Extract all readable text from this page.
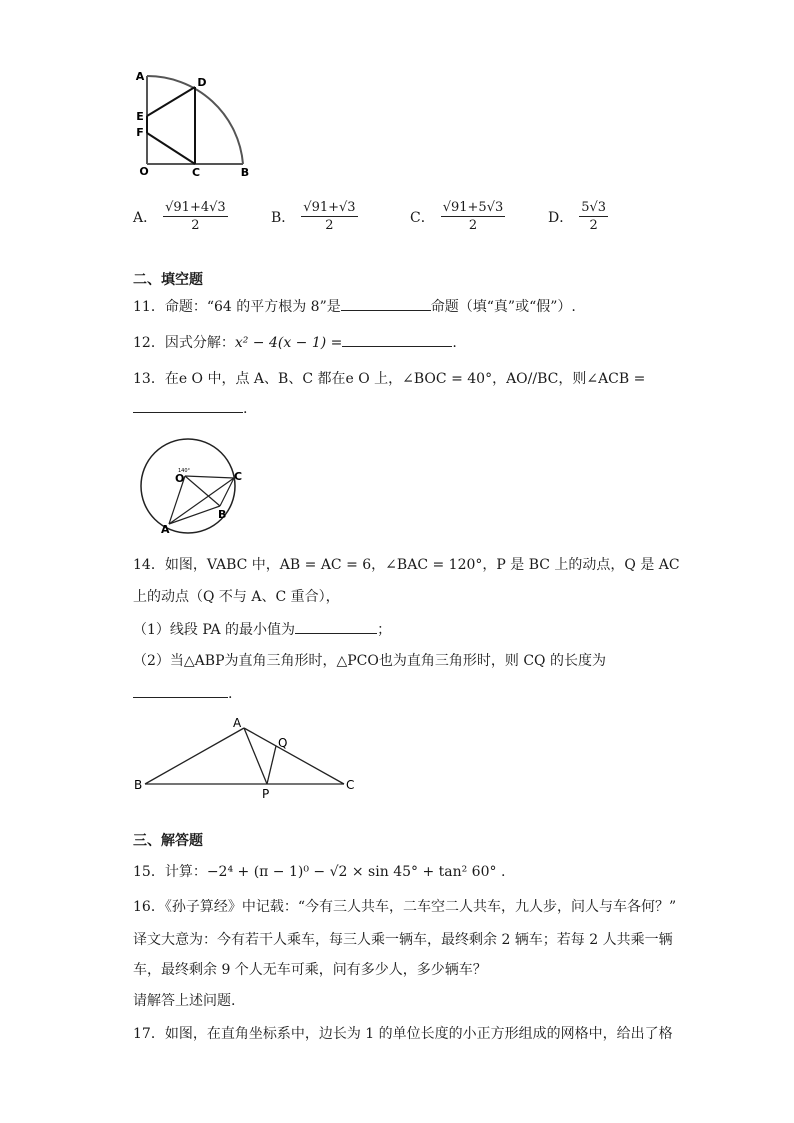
A	D
E
F
O	C	B
A． $\frac{√91+4√3}{2}$	B． $\frac{√91+√3}{2}$	C． $\frac{√91+5√3}{2}$	D． $\frac{5√3}{2}$
二、填空题
11．命题：“64 的平方根为 8”是	命题（填“真”或“假”）.
12．因式分解：x² − 4(x − 1) =	.
13．在e O 中，点 A、B、C 都在e O 上，∠BOC = 40°，AO//BC，则∠ACB =
.
O
140°	C
B
A
14．如图，VABC 中，AB = AC = 6，∠BAC = 120°，P 是 BC 上的动点，Q 是 AC
上的动点（Q 不与 A、C 重合），
（1）线段 PA 的最小值为	；
（2）当△ABP为直角三角形时，△PCO也为直角三角形时，则 CQ 的长度为
.
A
Q
B
P
C
三、解答题
15．计算：−2⁴ + (π − 1)⁰ − √2 × sin 45° + tan² 60° .
16．《孙子算经》中记载：“今有三人共车，二车空二人共车，九人步，问人与车各何？”
译文大意为：今有若干人乘车，每三人乘一辆车，最终剩余 2 辆车；若每 2 人共乘一辆
车，最终剩余 9 个人无车可乘，问有多少人，多少辆车？
请解答上述问题.
17．如图，在直角坐标系中，边长为 1 的单位长度的小正方形组成的网格中，给出了格
